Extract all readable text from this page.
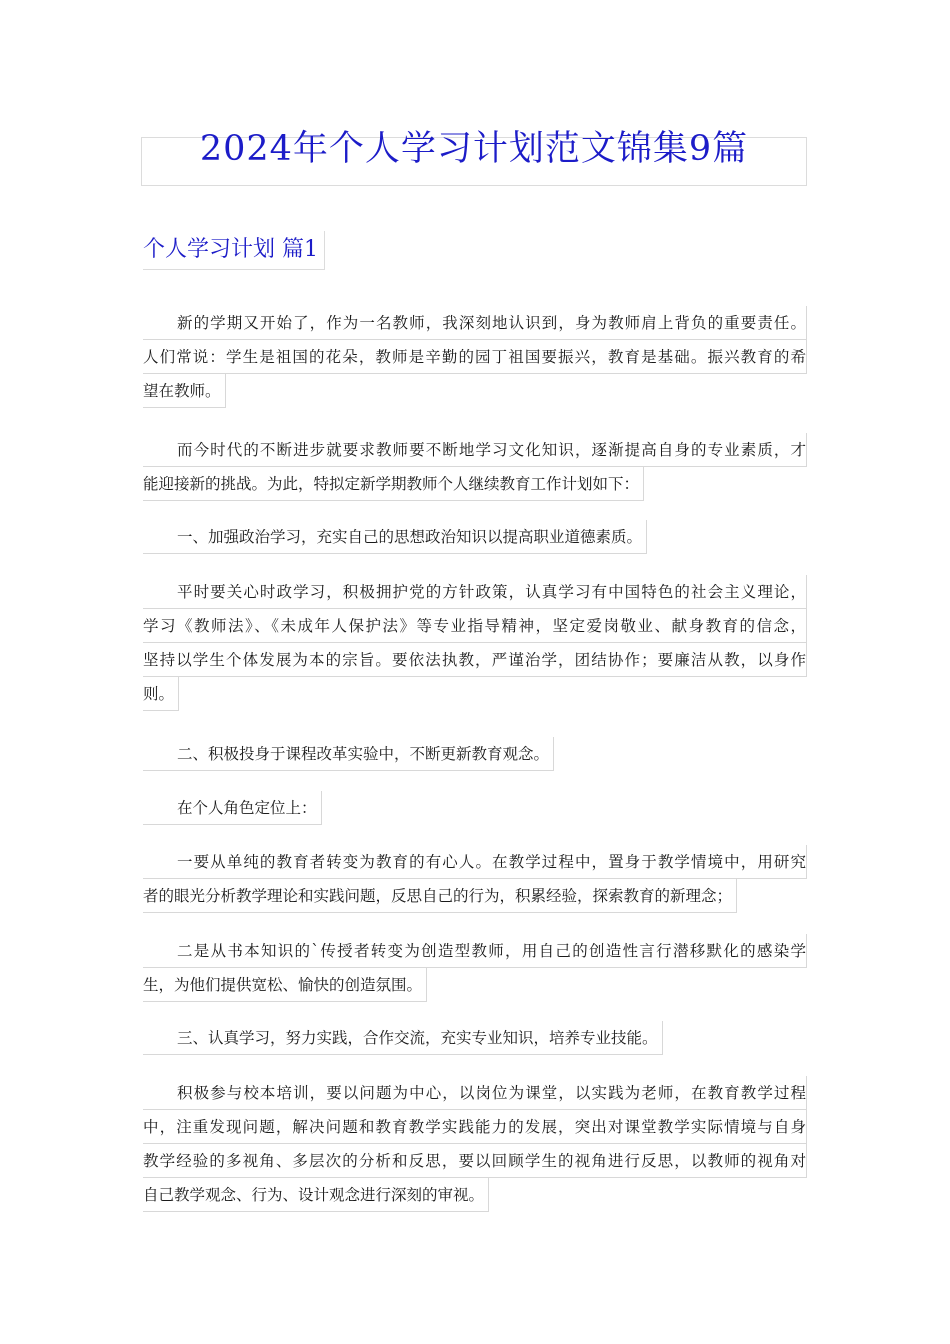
2024年个人学习计划范文锦集9篇
个人学习计划 篇1
新的学期又开始了，作为一名教师，我深刻地认识到，身为教师肩上背负的重要责任。
人们常说：学生是祖国的花朵，教师是辛勤的园丁祖国要振兴，教育是基础。振兴教育的希
望在教师。
而今时代的不断进步就要求教师要不断地学习文化知识，逐渐提高自身的专业素质，才
能迎接新的挑战。为此，特拟定新学期教师个人继续教育工作计划如下：
一、加强政治学习，充实自己的思想政治知识以提高职业道德素质。
平时要关心时政学习，积极拥护党的方针政策，认真学习有中国特色的社会主义理论，
学习《教师法》、《未成年人保护法》等专业指导精神，坚定爱岗敬业、献身教育的信念，
坚持以学生个体发展为本的宗旨。要依法执教，严谨治学，团结协作；要廉洁从教，以身作
则。
二、积极投身于课程改革实验中，不断更新教育观念。
在个人角色定位上：
一要从单纯的教育者转变为教育的有心人。在教学过程中，置身于教学情境中，用研究
者的眼光分析教学理论和实践问题，反思自己的行为，积累经验，探索教育的新理念；
二是从书本知识的`传授者转变为创造型教师，用自己的创造性言行潜移默化的感染学
生，为他们提供宽松、愉快的创造氛围。
三、认真学习，努力实践，合作交流，充实专业知识，培养专业技能。
积极参与校本培训，要以问题为中心，以岗位为课堂，以实践为老师，在教育教学过程
中，注重发现问题，解决问题和教育教学实践能力的发展，突出对课堂教学实际情境与自身
教学经验的多视角、多层次的分析和反思，要以回顾学生的视角进行反思，以教师的视角对
自己教学观念、行为、设计观念进行深刻的审视。
